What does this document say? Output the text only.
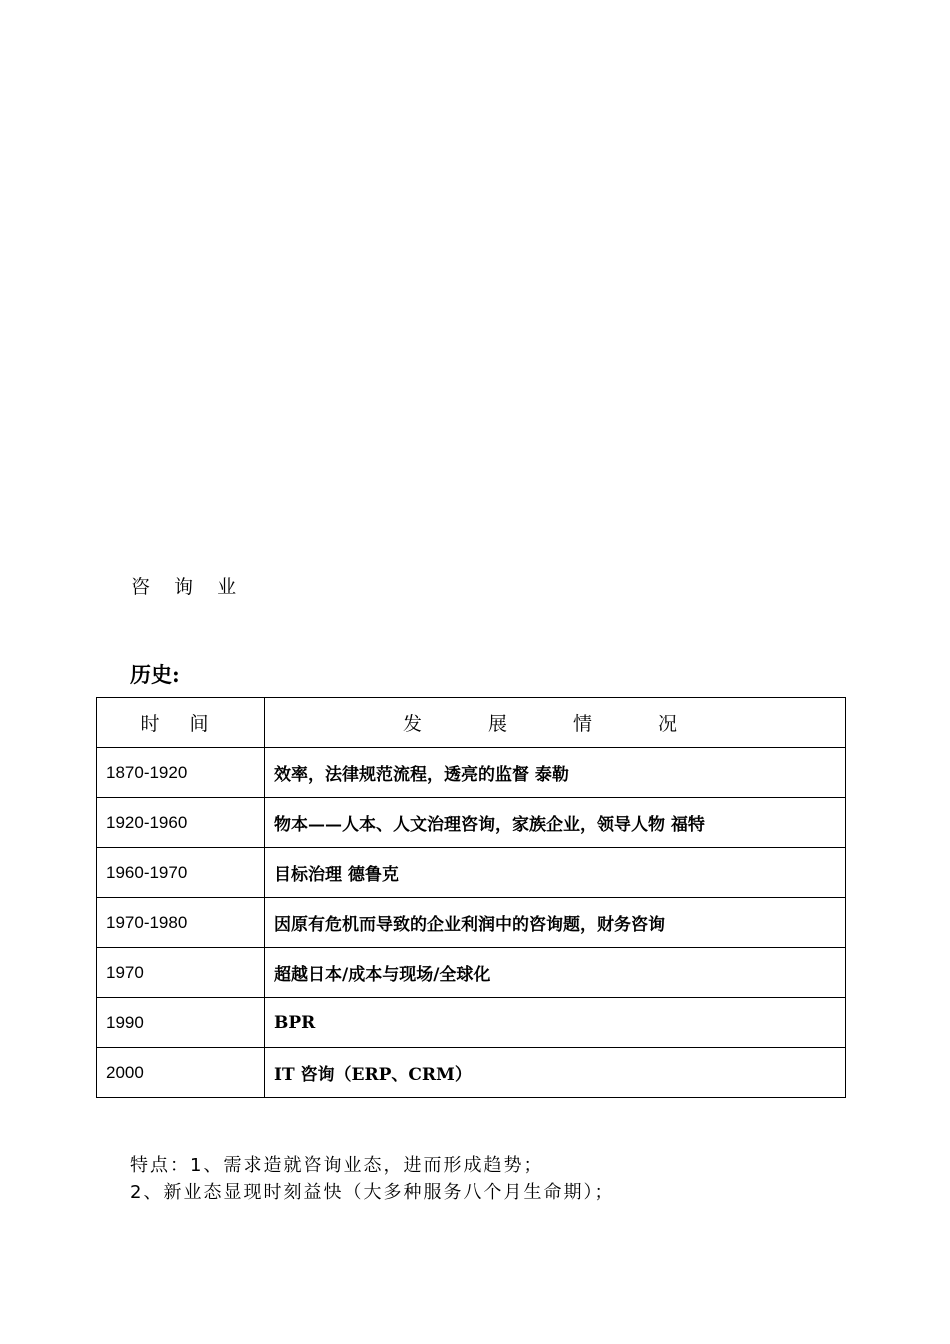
咨 询 业
历史:
时 间	发 展 情 况
1870-1920	效率，法律规范流程，透亮的监督 泰勒
1920-1960	物本——人本、人文治理咨询，家族企业，领导人物 福特
1960-1970	目标治理 德鲁克
1970-1980	因原有危机而导致的企业利润中的咨询题，财务咨询
1970	超越日本/成本与现场/全球化
1990	BPR
2000	IT 咨询（ERP、CRM）
特点：1、需求造就咨询业态，进而形成趋势；
2、新业态显现时刻益快（大多种服务八个月生命期）；
